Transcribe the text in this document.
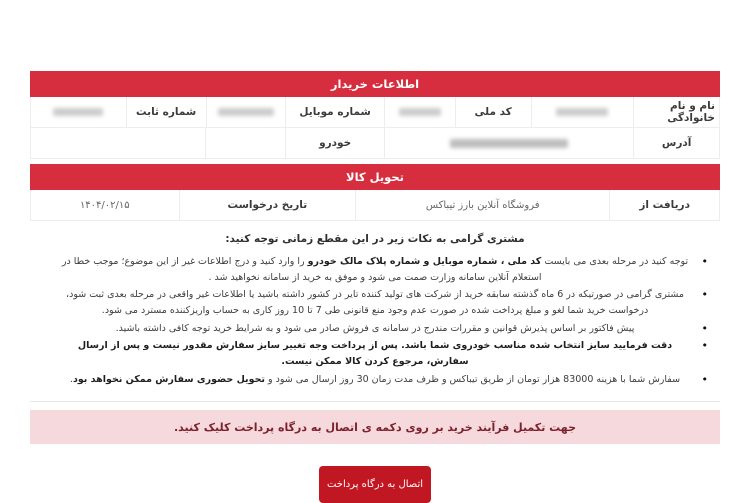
اطلاعات خریدار
نام و نام خانوادگی
کد ملی
شماره موبایل
شماره ثابت
آدرس
خودرو
تحویل کالا
دریافت از
فروشگاه آنلاین بارز تیباکس
تاریخ درخواست
۱۴۰۴/۰۲/۱۵
مشتری گرامی به نکات زیر در این مقطع زمانی توجه کنید:
• توجه کنید در مرحله بعدی می بایست کد ملی ، شماره موبایل و شماره پلاک مالک خودرو را وارد کنید و درج اطلاعات غیر از این موضوع؛ موجب خطا در استعلام آنلاین سامانه وزارت صمت می شود و موفق به خرید از سامانه نخواهید شد .
• مشتری گرامی در صورتیکه در 6 ماه گذشته سابقه خرید از شرکت های تولید کننده تایر در کشور داشته باشید یا اطلاعات غیر واقعی در مرحله بعدی ثبت شود، درخواست خرید شما لغو و مبلغ پرداخت شده در صورت عدم وجود منع قانونی طی 7 تا 10 روز کاری به حساب واریزکننده مسترد می شود.
• پیش فاکتور بر اساس پذیرش قوانین و مقررات مندرج در سامانه ی فروش صادر می شود و به شرایط خرید توجه کافی داشته باشید.
• دقت فرمایید سایز انتخاب شده مناسب خودروی شما باشد. پس از پرداخت وجه تغییر سایز سفارش مقدور نیست و پس از ارسال سفارش، مرجوع کردن کالا ممکن نیست.
• سفارش شما با هزینه 83000 هزار تومان از طریق تیباکس و ظرف مدت زمان 30 روز ارسال می شود و تحویل حضوری سفارش ممکن نخواهد بود.
جهت تکمیل فرآیند خرید بر روی دکمه ی اتصال به درگاه پرداخت کلیک کنید.
اتصال به درگاه پرداخت
